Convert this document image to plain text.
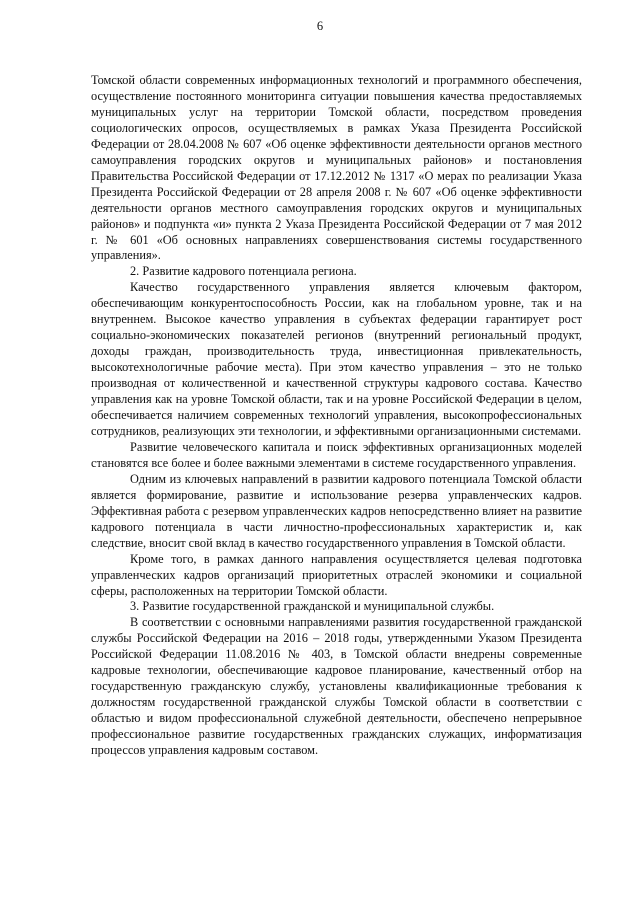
6

Томской области современных информационных технологий и программного обеспечения, осуществление постоянного мониторинга ситуации повышения качества предоставляемых муниципальных услуг на территории Томской области, посредством проведения социологических опросов, осуществляемых в рамках Указа Президента Российской Федерации от 28.04.2008 № 607 «Об оценке эффективности деятельности органов местного самоуправления городских округов и муниципальных районов» и постановления Правительства Российской Федерации от 17.12.2012 № 1317 «О мерах по реализации Указа Президента Российской Федерации от 28 апреля 2008 г. № 607 «Об оценке эффективности деятельности органов местного самоуправления городских округов и муниципальных районов» и подпункта «и» пункта 2 Указа Президента Российской Федерации от 7 мая 2012 г. № 601 «Об основных направлениях совершенствования системы государственного управления».

2. Развитие кадрового потенциала региона.

Качество государственного управления является ключевым фактором, обеспечивающим конкурентоспособность России, как на глобальном уровне, так и на внутреннем. Высокое качество управления в субъектах федерации гарантирует рост социально-экономических показателей регионов (внутренний региональный продукт, доходы граждан, производительность труда, инвестиционная привлекательность, высокотехнологичные рабочие места). При этом качество управления – это не только производная от количественной и качественной структуры кадрового состава. Качество управления как на уровне Томской области, так и на уровне Российской Федерации в целом, обеспечивается наличием современных технологий управления, высокопрофессиональных сотрудников, реализующих эти технологии, и эффективными организационными системами.

Развитие человеческого капитала и поиск эффективных организационных моделей становятся все более и более важными элементами в системе государственного управления.

Одним из ключевых направлений в развитии кадрового потенциала Томской области является формирование, развитие и использование резерва управленческих кадров. Эффективная работа с резервом управленческих кадров непосредственно влияет на развитие кадрового потенциала в части личностно-профессиональных характеристик и, как следствие, вносит свой вклад в качество государственного управления в Томской области.

Кроме того, в рамках данного направления осуществляется целевая подготовка управленческих кадров организаций приоритетных отраслей экономики и социальной сферы, расположенных на территории Томской области.

3. Развитие государственной гражданской и муниципальной службы.

В соответствии с основными направлениями развития государственной гражданской службы Российской Федерации на 2016 – 2018 годы, утвержденными Указом Президента Российской Федерации 11.08.2016 № 403, в Томской области внедрены современные кадровые технологии, обеспечивающие кадровое планирование, качественный отбор на государственную гражданскую службу, установлены квалификационные требования к должностям государственной гражданской службы Томской области в соответствии с областью и видом профессиональной служебной деятельности, обеспечено непрерывное профессиональное развитие государственных гражданских служащих, информатизация процессов управления кадровым составом.
